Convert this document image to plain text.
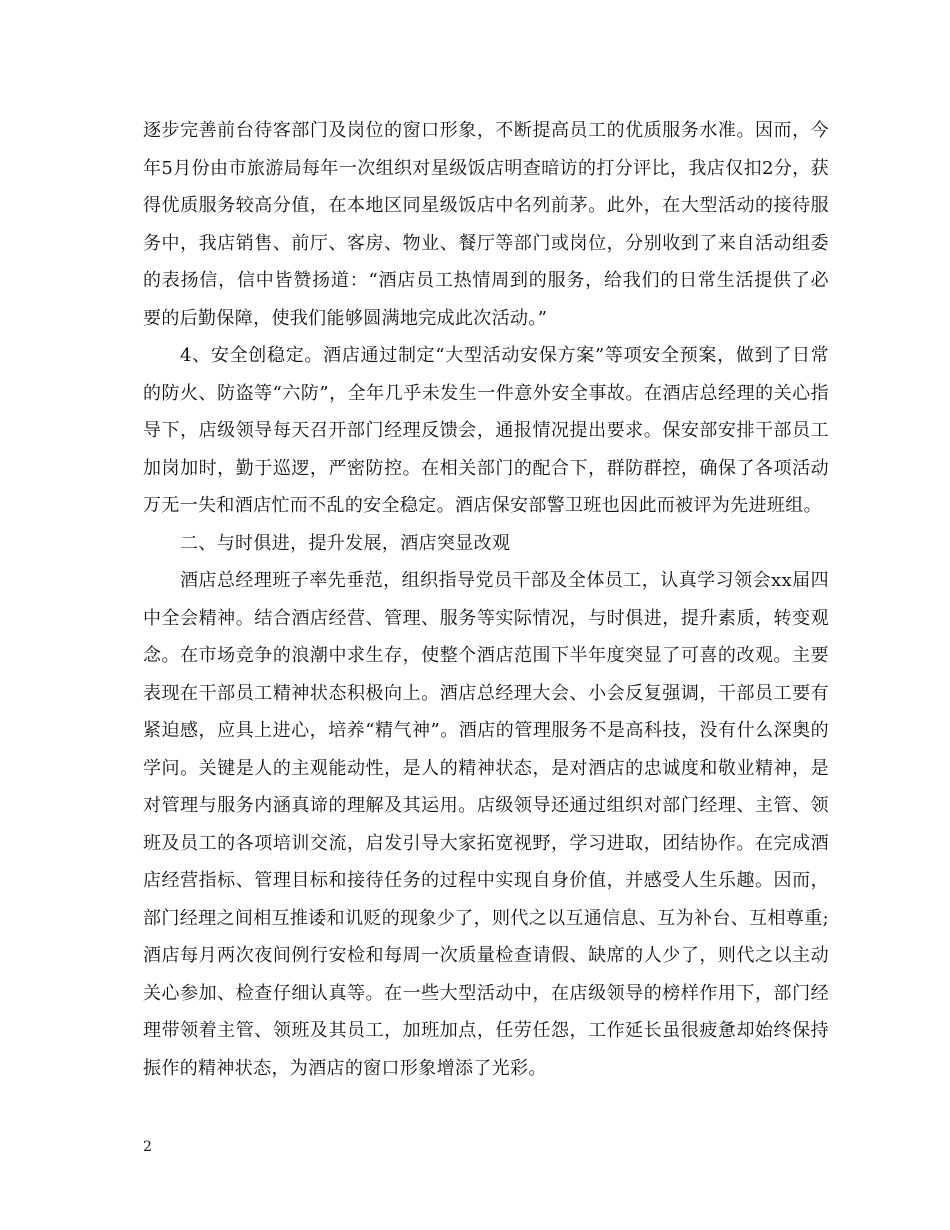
逐步完善前台待客部门及岗位的窗口形象，不断提高员工的优质服务水准。因而，今年5月份由市旅游局每年一次组织对星级饭店明查暗访的打分评比，我店仅扣2分，获得优质服务较高分值，在本地区同星级饭店中名列前茅。此外，在大型活动的接待服务中，我店销售、前厅、客房、物业、餐厅等部门或岗位，分别收到了来自活动组委的表扬信，信中皆赞扬道：“酒店员工热情周到的服务，给我们的日常生活提供了必要的后勤保障，使我们能够圆满地完成此次活动。”

4、安全创稳定。酒店通过制定“大型活动安保方案”等项安全预案，做到了日常的防火、防盗等“六防”，全年几乎未发生一件意外安全事故。在酒店总经理的关心指导下，店级领导每天召开部门经理反馈会，通报情况提出要求。保安部安排干部员工加岗加时，勤于巡逻，严密防控。在相关部门的配合下，群防群控，确保了各项活动万无一失和酒店忙而不乱的安全稳定。酒店保安部警卫班也因此而被评为先进班组。

二、与时俱进，提升发展，酒店突显改观

酒店总经理班子率先垂范，组织指导党员干部及全体员工，认真学习领会xx届四中全会精神。结合酒店经营、管理、服务等实际情况，与时俱进，提升素质，转变观念。在市场竞争的浪潮中求生存，使整个酒店范围下半年度突显了可喜的改观。主要表现在干部员工精神状态积极向上。酒店总经理大会、小会反复强调，干部员工要有紧迫感，应具上进心，培养“精气神”。酒店的管理服务不是高科技，没有什么深奥的学问。关键是人的主观能动性，是人的精神状态，是对酒店的忠诚度和敬业精神，是对管理与服务内涵真谛的理解及其运用。店级领导还通过组织对部门经理、主管、领班及员工的各项培训交流，启发引导大家拓宽视野，学习进取，团结协作。在完成酒店经营指标、管理目标和接待任务的过程中实现自身价值，并感受人生乐趣。因而，部门经理之间相互推诿和讥贬的现象少了，则代之以互通信息、互为补台、互相尊重;酒店每月两次夜间例行安检和每周一次质量检查请假、缺席的人少了，则代之以主动关心参加、检查仔细认真等。在一些大型活动中，在店级领导的榜样作用下，部门经理带领着主管、领班及其员工，加班加点，任劳任怨，工作延长虽很疲惫却始终保持振作的精神状态，为酒店的窗口形象增添了光彩。

2
